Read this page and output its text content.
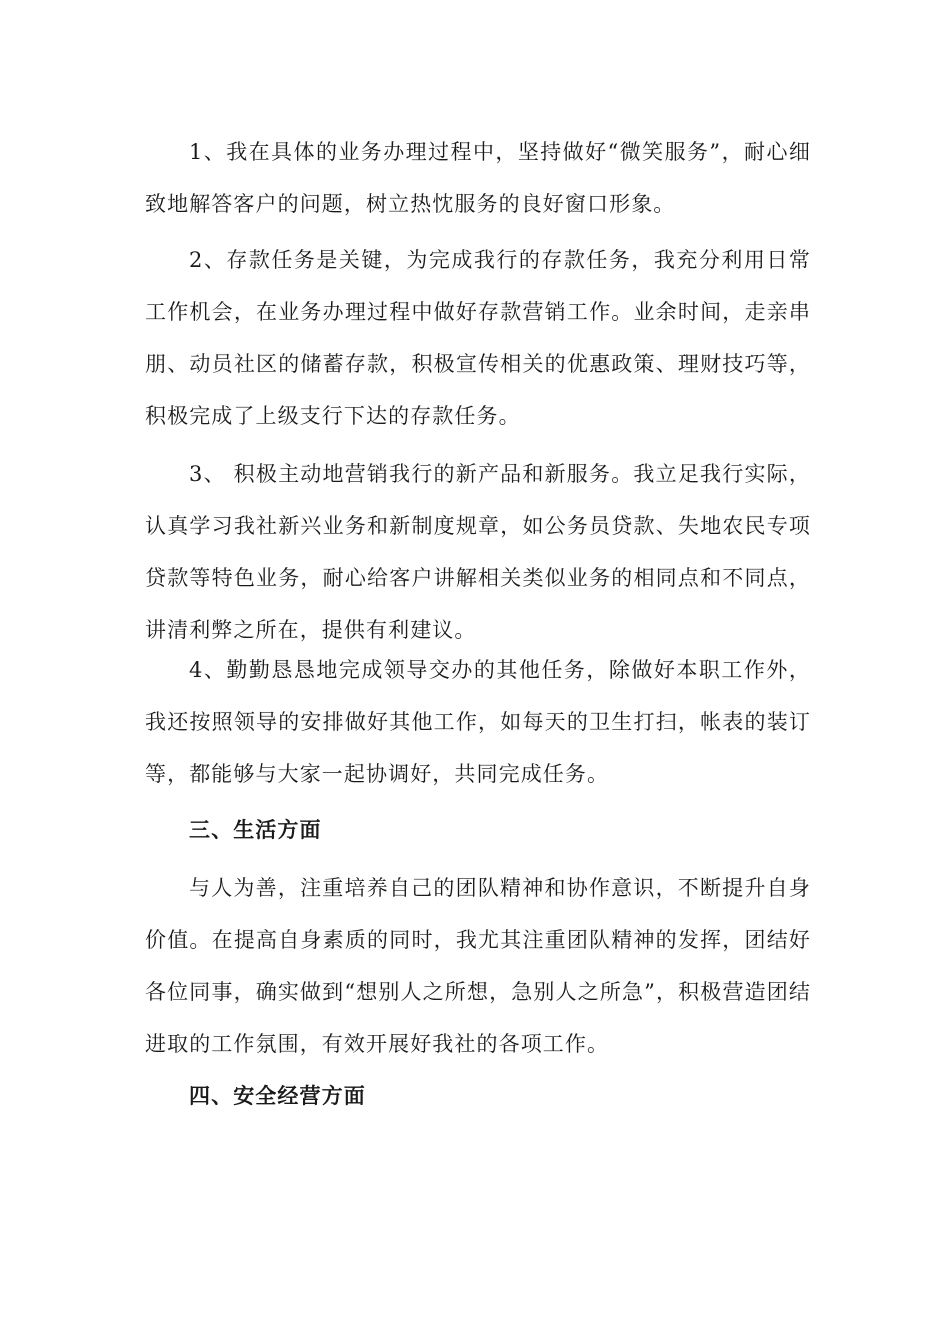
1、我在具体的业务办理过程中，坚持做好“微笑服务”，耐心细致地解答客户的问题，树立热忱服务的良好窗口形象。

2、存款任务是关键，为完成我行的存款任务，我充分利用日常工作机会，在业务办理过程中做好存款营销工作。业余时间，走亲串朋、动员社区的储蓄存款，积极宣传相关的优惠政策、理财技巧等，积极完成了上级支行下达的存款任务。

3、 积极主动地营销我行的新产品和新服务。我立足我行实际，认真学习我社新兴业务和新制度规章，如公务员贷款、失地农民专项贷款等特色业务，耐心给客户讲解相关类似业务的相同点和不同点，讲清利弊之所在，提供有利建议。

4、勤勤恳恳地完成领导交办的其他任务，除做好本职工作外，我还按照领导的安排做好其他工作，如每天的卫生打扫，帐表的装订等，都能够与大家一起协调好，共同完成任务。

三、生活方面

与人为善，注重培养自己的团队精神和协作意识，不断提升自身价值。在提高自身素质的同时，我尤其注重团队精神的发挥，团结好各位同事，确实做到“想别人之所想，急别人之所急”，积极营造团结进取的工作氛围，有效开展好我社的各项工作。

四、安全经营方面
